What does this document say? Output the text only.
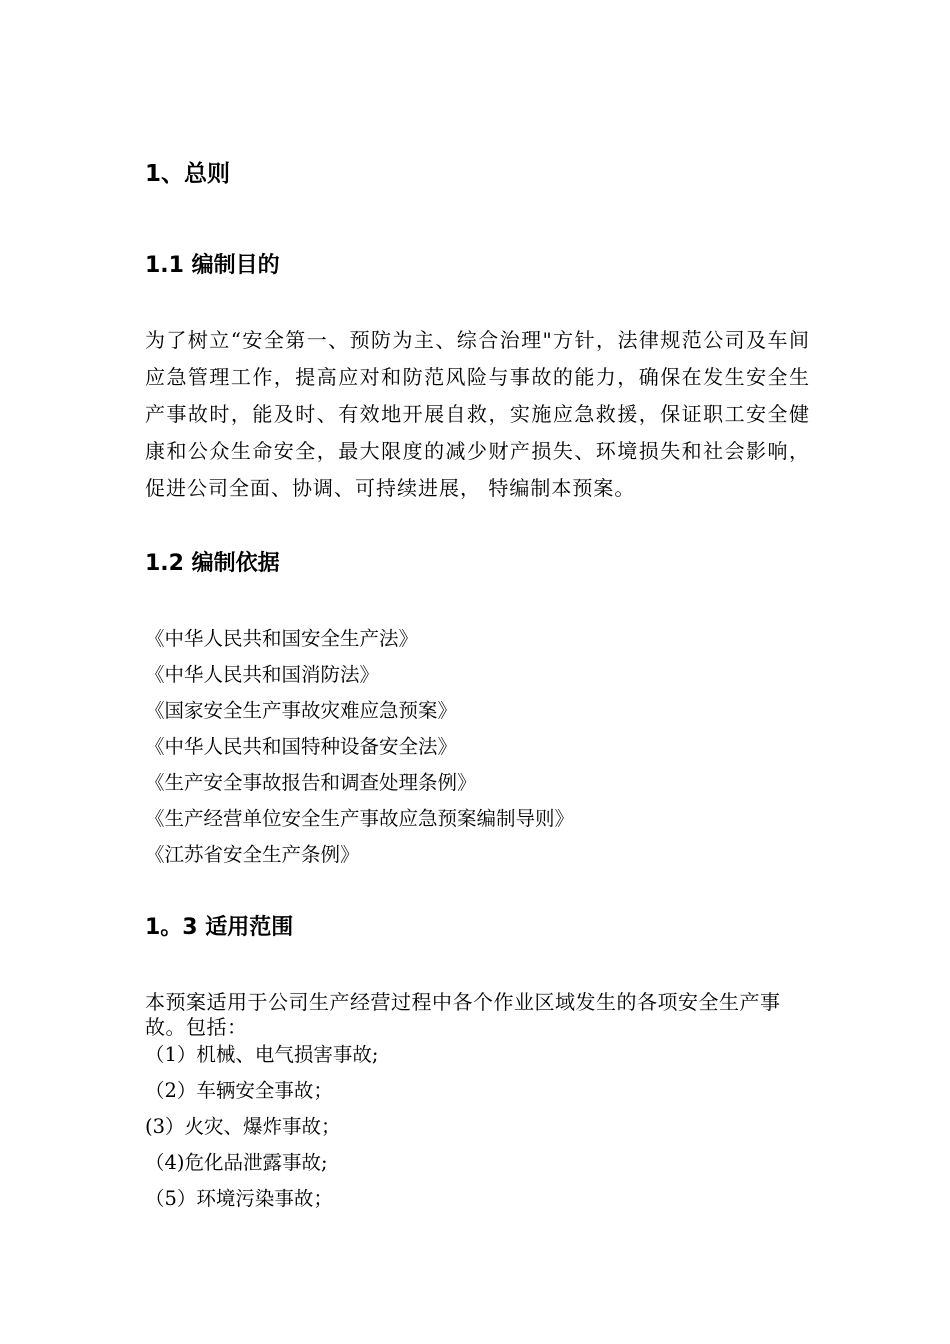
1、总则
1.1 编制目的

为了树立“安全第一、预防为主、综合治理"方针，法律规范公司及车间应急管理工作，提高应对和防范风险与事故的能力，确保在发生安全生产事故时，能及时、有效地开展自救，实施应急救援，保证职工安全健康和公众生命安全，最大限度的减少财产损失、环境损失和社会影响，促进公司全面、协调、可持续进展， 特编制本预案。

1.2 编制依据
《中华人民共和国安全生产法》
《中华人民共和国消防法》
《国家安全生产事故灾难应急预案》
《中华人民共和国特种设备安全法》
《生产安全事故报告和调查处理条例》
《生产经营单位安全生产事故应急预案编制导则》
《江苏省安全生产条例》
1。3 适用范围

本预案适用于公司生产经营过程中各个作业区域发生的各项安全生产事故。包括：

（1）机械、电气损害事故;
（2）车辆安全事故；
(3）火灾、爆炸事故；
（4)危化品泄露事故;
（5）环境污染事故；
